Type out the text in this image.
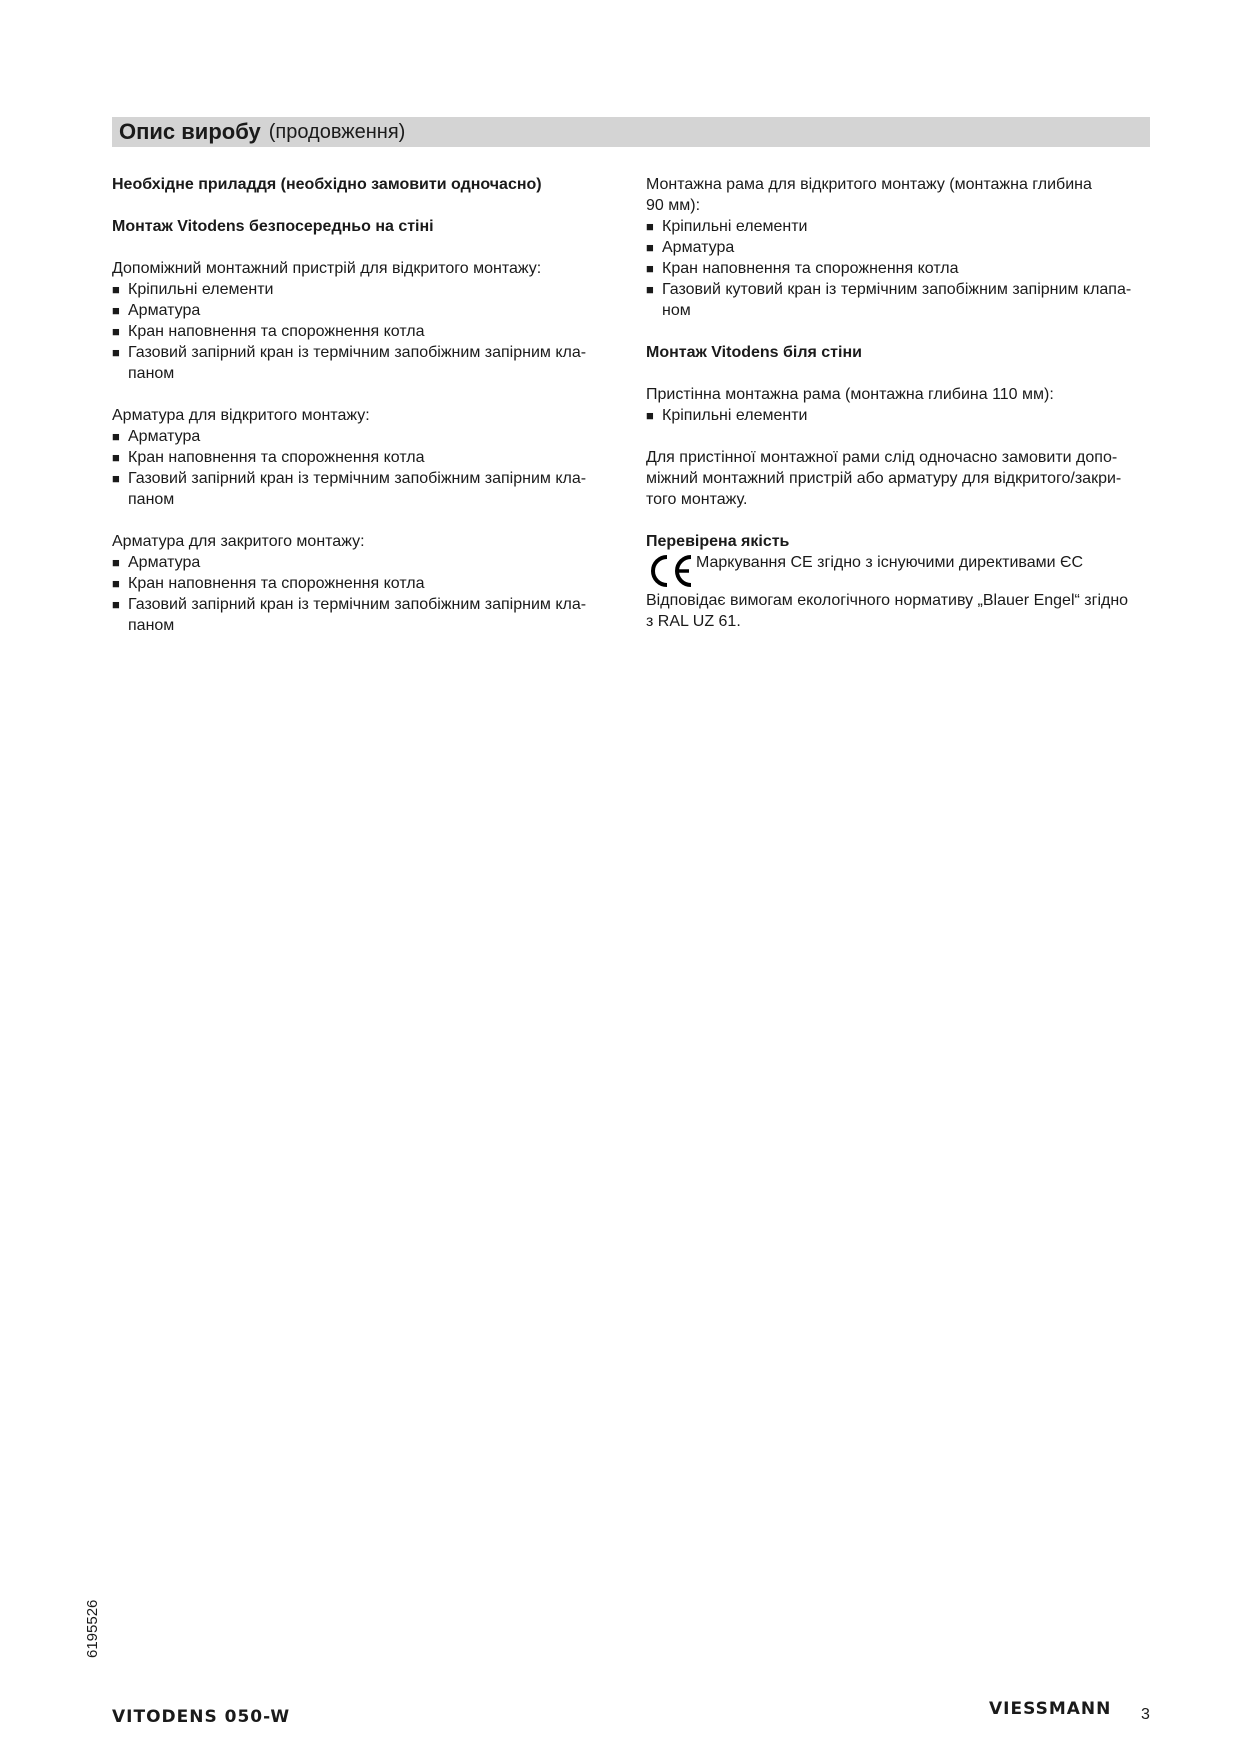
Опис виробу (продовження)

Необхідне приладдя (необхідно замовити одночасно)

Монтаж Vitodens безпосередньо на стіні

Допоміжний монтажний пристрій для відкритого монтажу:

■ Кріпильні елементи
■ Арматура
■ Кран наповнення та спорожнення котла
■ Газовий запірний кран із термічним запобіжним запірним кла-
паном

Арматура для відкритого монтажу:

■ Арматура
■ Кран наповнення та спорожнення котла
■ Газовий запірний кран із термічним запобіжним запірним кла-
паном

Арматура для закритого монтажу:

■ Арматура
■ Кран наповнення та спорожнення котла
■ Газовий запірний кран із термічним запобіжним запірним кла-
паном

Монтажна рама для відкритого монтажу (монтажна глибина

90 мм):

■ Кріпильні елементи
■ Арматура
■ Кран наповнення та спорожнення котла
■ Газовий кутовий кран із термічним запобіжним запірним клапа-
ном

Монтаж Vitodens біля стіни

Пристінна монтажна рама (монтажна глибина 110 мм):

■ Кріпильні елементи

Для пристінної монтажної рами слід одночасно замовити допо-

міжний монтажний пристрій або арматуру для відкритого/закри-

того монтажу.

Перевірена якість

Маркування CE згідно з існуючими директивами ЄС

Відповідає вимогам екологічного нормативу „Blauer Engel“ згідно

з RAL UZ 61.

6195526
VITODENS 050-W	VIESSMANN 3
